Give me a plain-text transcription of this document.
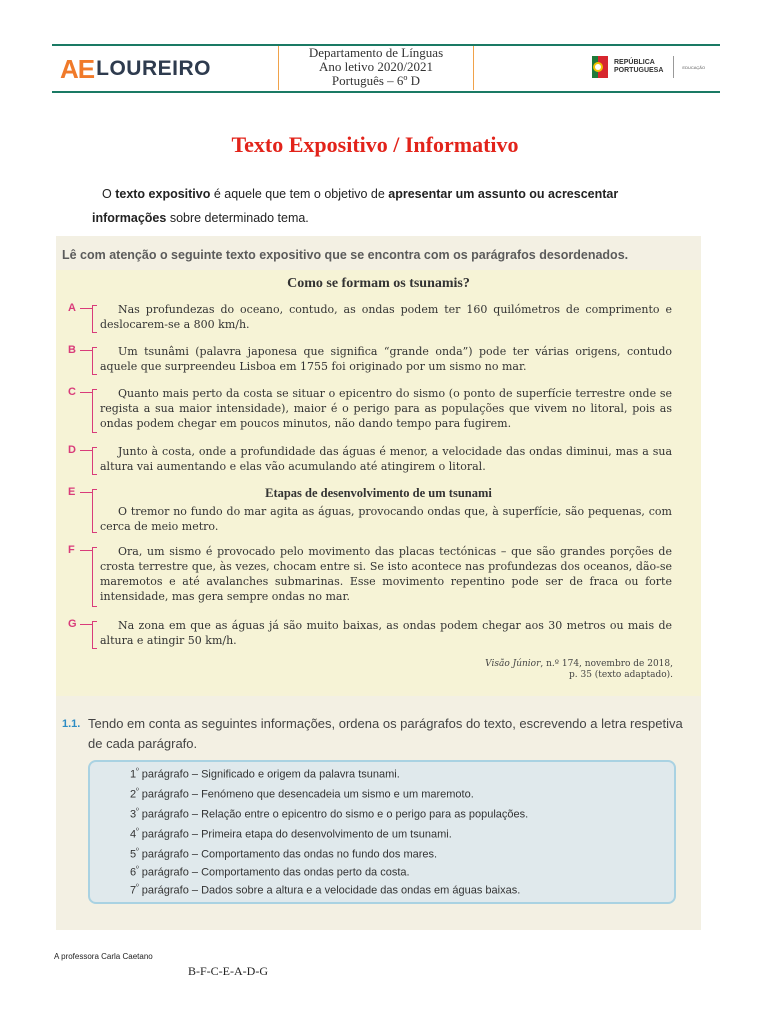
AE LOUREIRO
Departamento de Línguas
Ano letivo 2020/2021
Português – 6º D
REPÚBLICA
PORTUGUESA	EDUCAÇÃO
Texto Expositivo / Informativo
O texto expositivo é aquele que tem o objetivo de apresentar um assunto ou acrescentar
informações sobre determinado tema.
Lê com atenção o seguinte texto expositivo que se encontra com os parágrafos desordenados.
Como se formam os tsunamis?
A	Nas profundezas do oceano, contudo, as ondas podem ter 160 quilómetros de comprimento e deslocarem-se a 800 km/h.
B	Um tsunâmi (palavra japonesa que significa “grande onda”) pode ter várias origens, contudo aquele que surpreendeu Lisboa em 1755 foi originado por um sismo no mar.
C	Quanto mais perto da costa se situar o epicentro do sismo (o ponto de superfície terrestre onde se regista a sua maior intensidade), maior é o perigo para as populações que vivem no litoral, pois as ondas podem chegar em poucos minutos, não dando tempo para fugirem.
D	Junto à costa, onde a profundidade das águas é menor, a velocidade das ondas diminui, mas a sua altura vai aumentando e elas vão acumulando até atingirem o litoral.
E	Etapas de desenvolvimento de um tsunami
O tremor no fundo do mar agita as águas, provocando ondas que, à superfície, são pequenas, com cerca de meio metro.
F	Ora, um sismo é provocado pelo movimento das placas tectónicas – que são grandes porções de crosta terrestre que, às vezes, chocam entre si. Se isto acontece nas profundezas dos oceanos, dão-se maremotos e até avalanches submarinas. Esse movimento repentino pode ser de fraca ou forte intensidade, mas gera sempre ondas no mar.
G	Na zona em que as águas já são muito baixas, as ondas podem chegar aos 30 metros ou mais de altura e atingir 50 km/h.
Visão Júnior, n.º 174, novembro de 2018,
p. 35 (texto adaptado).
1.1. Tendo em conta as seguintes informações, ordena os parágrafos do texto, escrevendo a letra respetiva de cada parágrafo.
$1^º$ parágrafo – Significado e origem da palavra tsunami.
$2^º$ parágrafo – Fenómeno que desencadeia um sismo e um maremoto.
$3^º$ parágrafo – Relação entre o epicentro do sismo e o perigo para as populações.
$4^º$ parágrafo – Primeira etapa do desenvolvimento de um tsunami.
$5^º$ parágrafo – Comportamento das ondas no fundo dos mares.
$6^º$ parágrafo – Comportamento das ondas perto da costa.
$7^º$ parágrafo – Dados sobre a altura e a velocidade das ondas em águas baixas.
A professora Carla Caetano
B-F-C-E-A-D-G
